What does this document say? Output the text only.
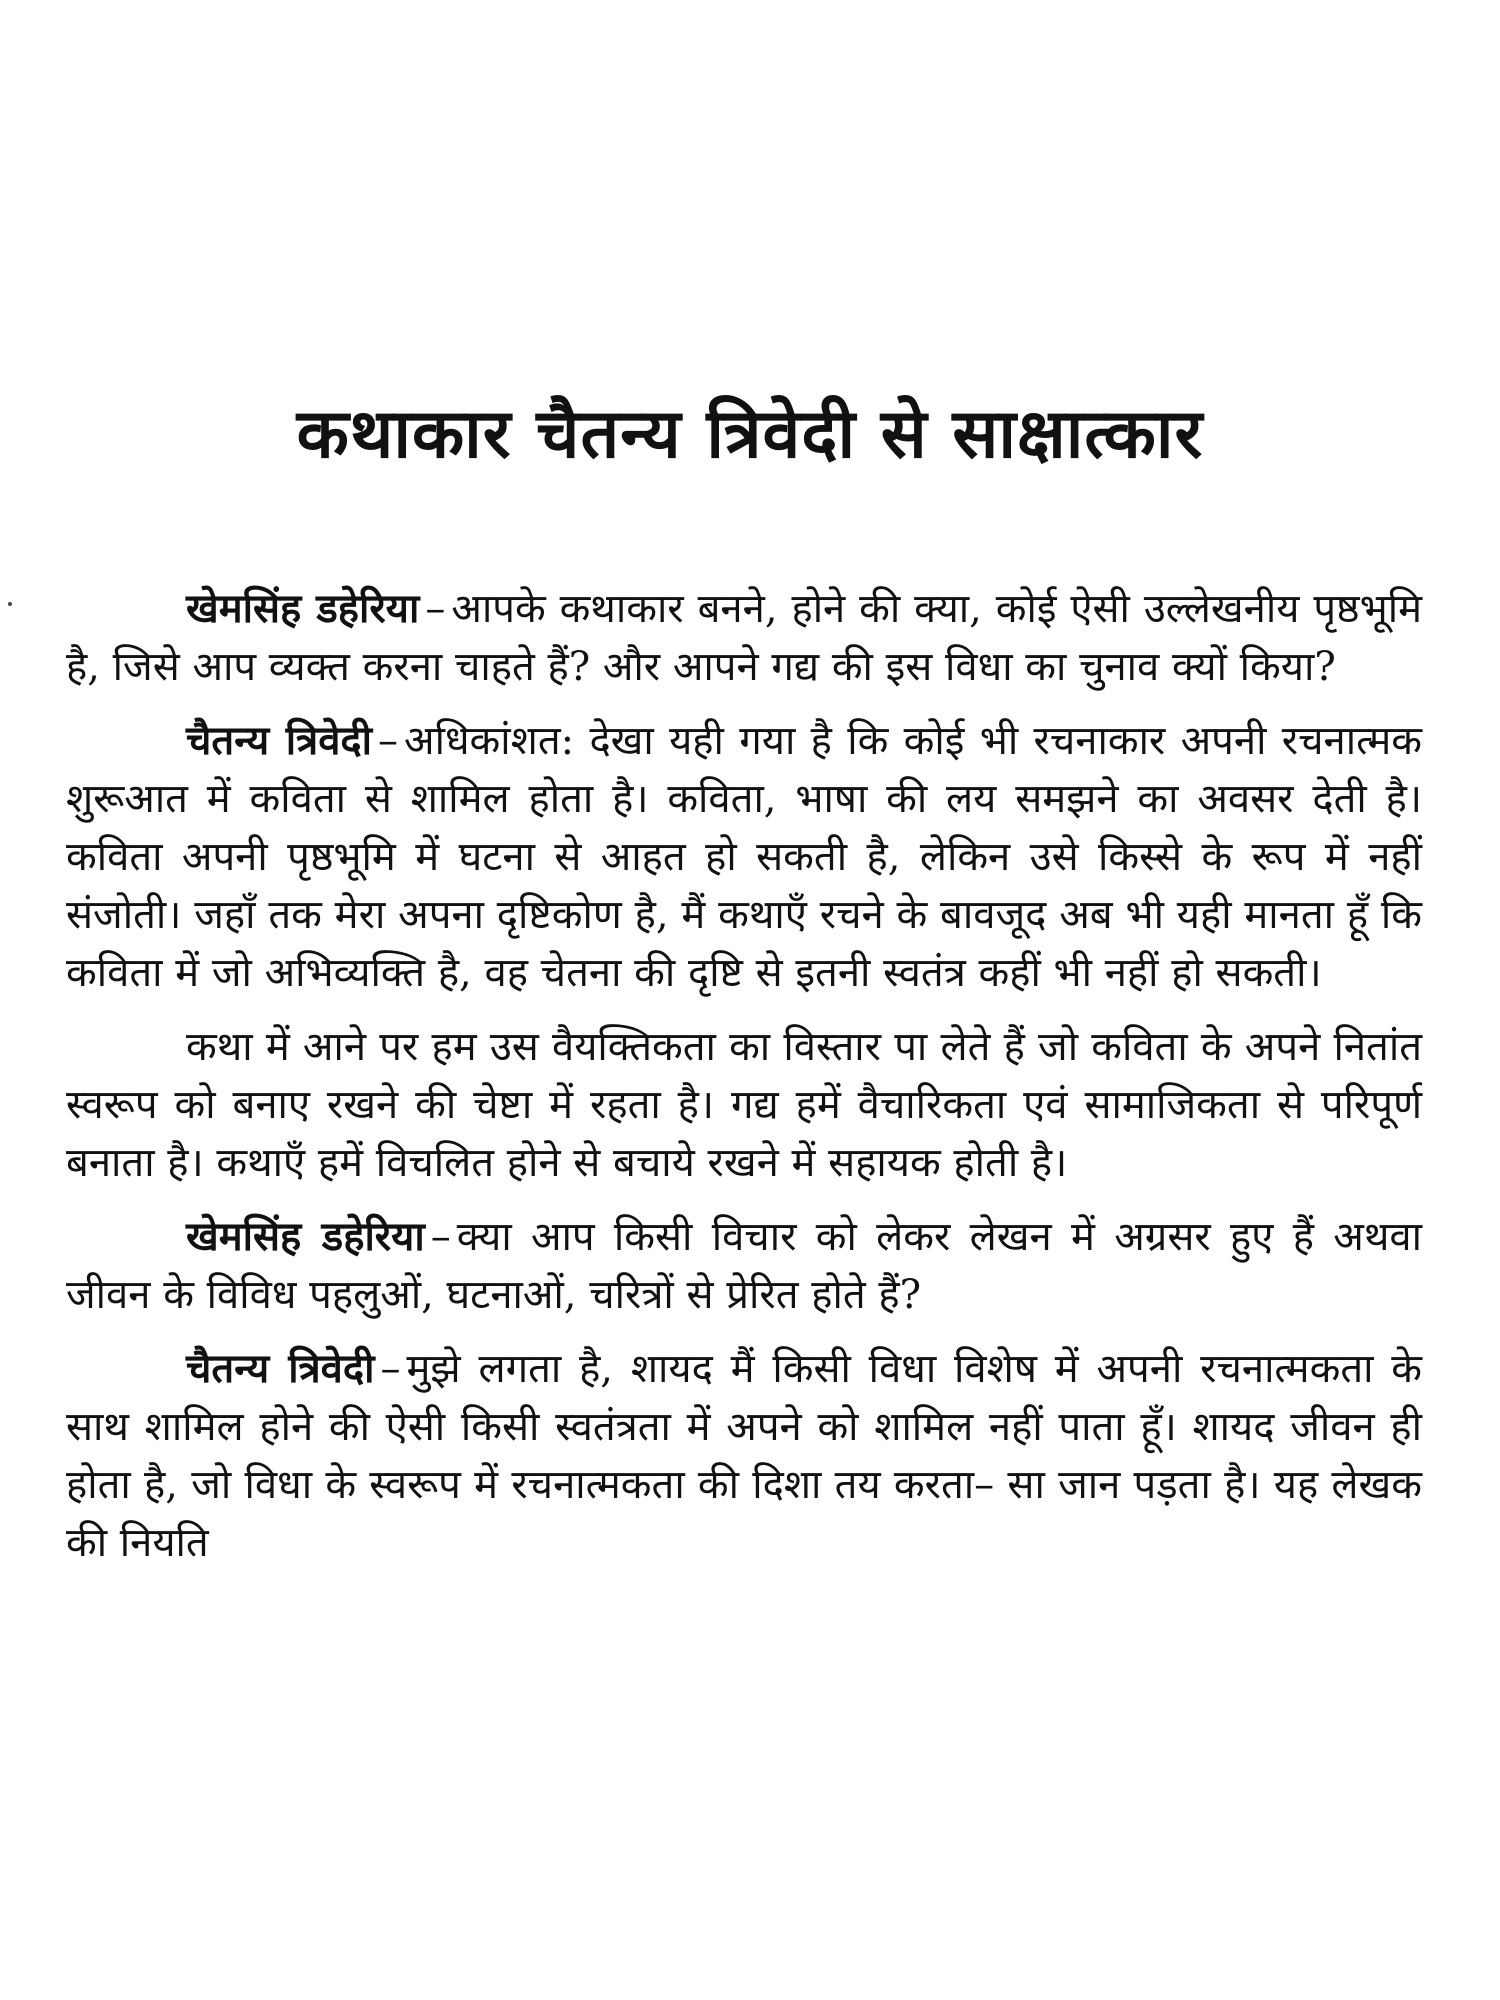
कथाकार चैतन्य त्रिवेदी से साक्षात्कार

खेमसिंह डहेरिया – आपके कथाकार बनने, होने की क्या, कोई ऐसी उल्लेखनीय पृष्ठभूमि है, जिसे आप व्यक्त करना चाहते हैं? और आपने गद्य की इस विधा का चुनाव क्यों किया?

चैतन्य त्रिवेदी – अधिकांशत: देखा यही गया है कि कोई भी रचनाकार अपनी रचनात्मक शुरूआत में कविता से शामिल होता है। कविता, भाषा की लय समझने का अवसर देती है। कविता अपनी पृष्ठभूमि में घटना से आहत हो सकती है, लेकिन उसे किस्से के रूप में नहीं संजोती। जहाँ तक मेरा अपना दृष्टिकोण है, मैं कथाएँ रचने के बावजूद अब भी यही मानता हूँ कि कविता में जो अभिव्यक्ति है, वह चेतना की दृष्टि से इतनी स्वतंत्र कहीं भी नहीं हो सकती।

कथा में आने पर हम उस वैयक्तिकता का विस्तार पा लेते हैं जो कविता के अपने नितांत स्वरूप को बनाए रखने की चेष्टा में रहता है। गद्य हमें वैचारिकता एवं सामाजिकता से परिपूर्ण बनाता है। कथाएँ हमें विचलित होने से बचाये रखने में सहायक होती है।

खेमसिंह डहेरिया – क्या आप किसी विचार को लेकर लेखन में अग्रसर हुए हैं अथवा जीवन के विविध पहलुओं, घटनाओं, चरित्रों से प्रेरित होते हैं?

चैतन्य त्रिवेदी – मुझे लगता है, शायद मैं किसी विधा विशेष में अपनी रचनात्मकता के साथ शामिल होने की ऐसी किसी स्वतंत्रता में अपने को शामिल नहीं पाता हूँ। शायद जीवन ही होता है, जो विधा के स्वरूप में रचनात्मकता की दिशा तय करता– सा जान पड़ता है। यह लेखक की नियति
